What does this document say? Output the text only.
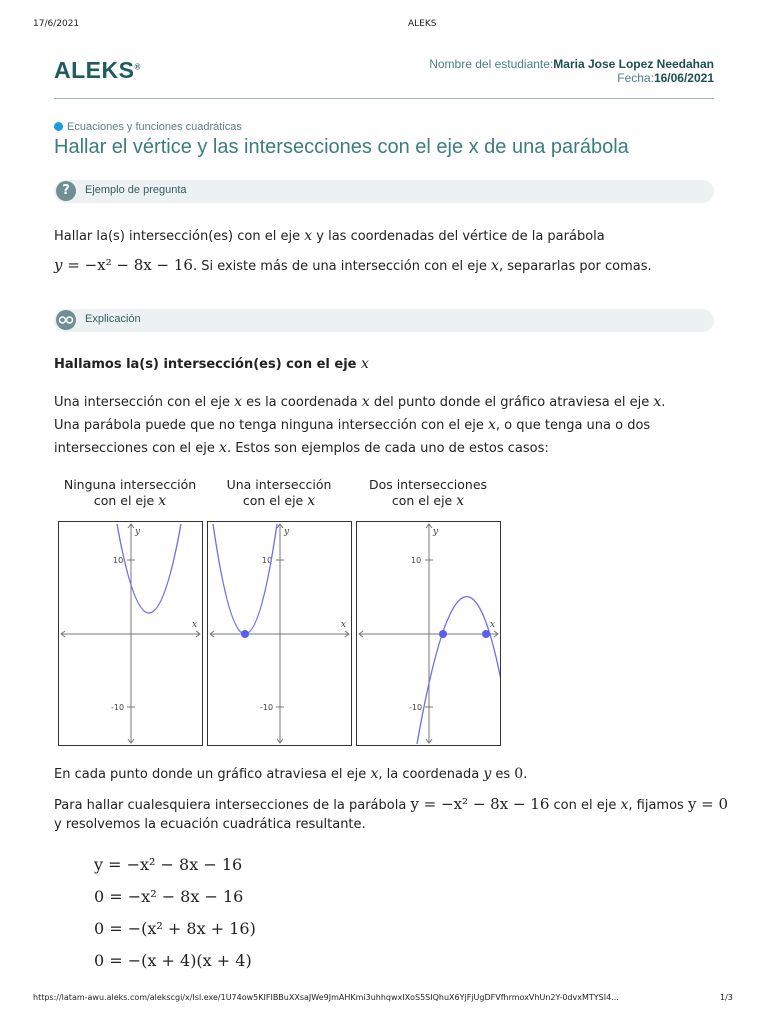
17/6/2021	ALEKS
ALEKS®	Nombre del estudiante:Maria Jose Lopez Needahan
Fecha:16/06/2021
Ecuaciones y funciones cuadráticas
Hallar el vértice y las intersecciones con el eje x de una parábola
?	Ejemplo de pregunta
Hallar la(s) intersección(es) con el eje x y las coordenadas del vértice de la parábola
y = −x² − 8x − 16. Si existe más de una intersección con el eje x, separarlas por comas.
Explicación
Hallamos la(s) intersección(es) con el eje x
Una intersección con el eje x es la coordenada x del punto donde el gráfico atraviesa el eje x.
Una parábola puede que no tenga ninguna intersección con el eje x, o que tenga una o dos
intersecciones con el eje x. Estos son ejemplos de cada uno de estos casos:
Ninguna intersección
con el eje x
Una intersección
con el eje x
Dos intersecciones
con el eje x
10
-10
x
y
10
-10
x
y
10
-10
x
y
En cada punto donde un gráfico atraviesa el eje x, la coordenada y es 0.
Para hallar cualesquiera intersecciones de la parábola y = −x² − 8x − 16 con el eje x, fijamos y = 0
y resolvemos la ecuación cuadrática resultante.
y = −x² − 8x − 16
0 = −x² − 8x − 16
0 = −(x² + 8x + 16)
0 = −(x + 4)(x + 4)
https://latam-awu.aleks.com/alekscgi/x/Isl.exe/1U74ow5KIFIBBuXXsaJWe9JmAHKmi3uhhqwxIXoS5SIQhuX6YjFjUgDFVfhrmoxVhUn2Y-0dvxMTYSI4...	1/3
